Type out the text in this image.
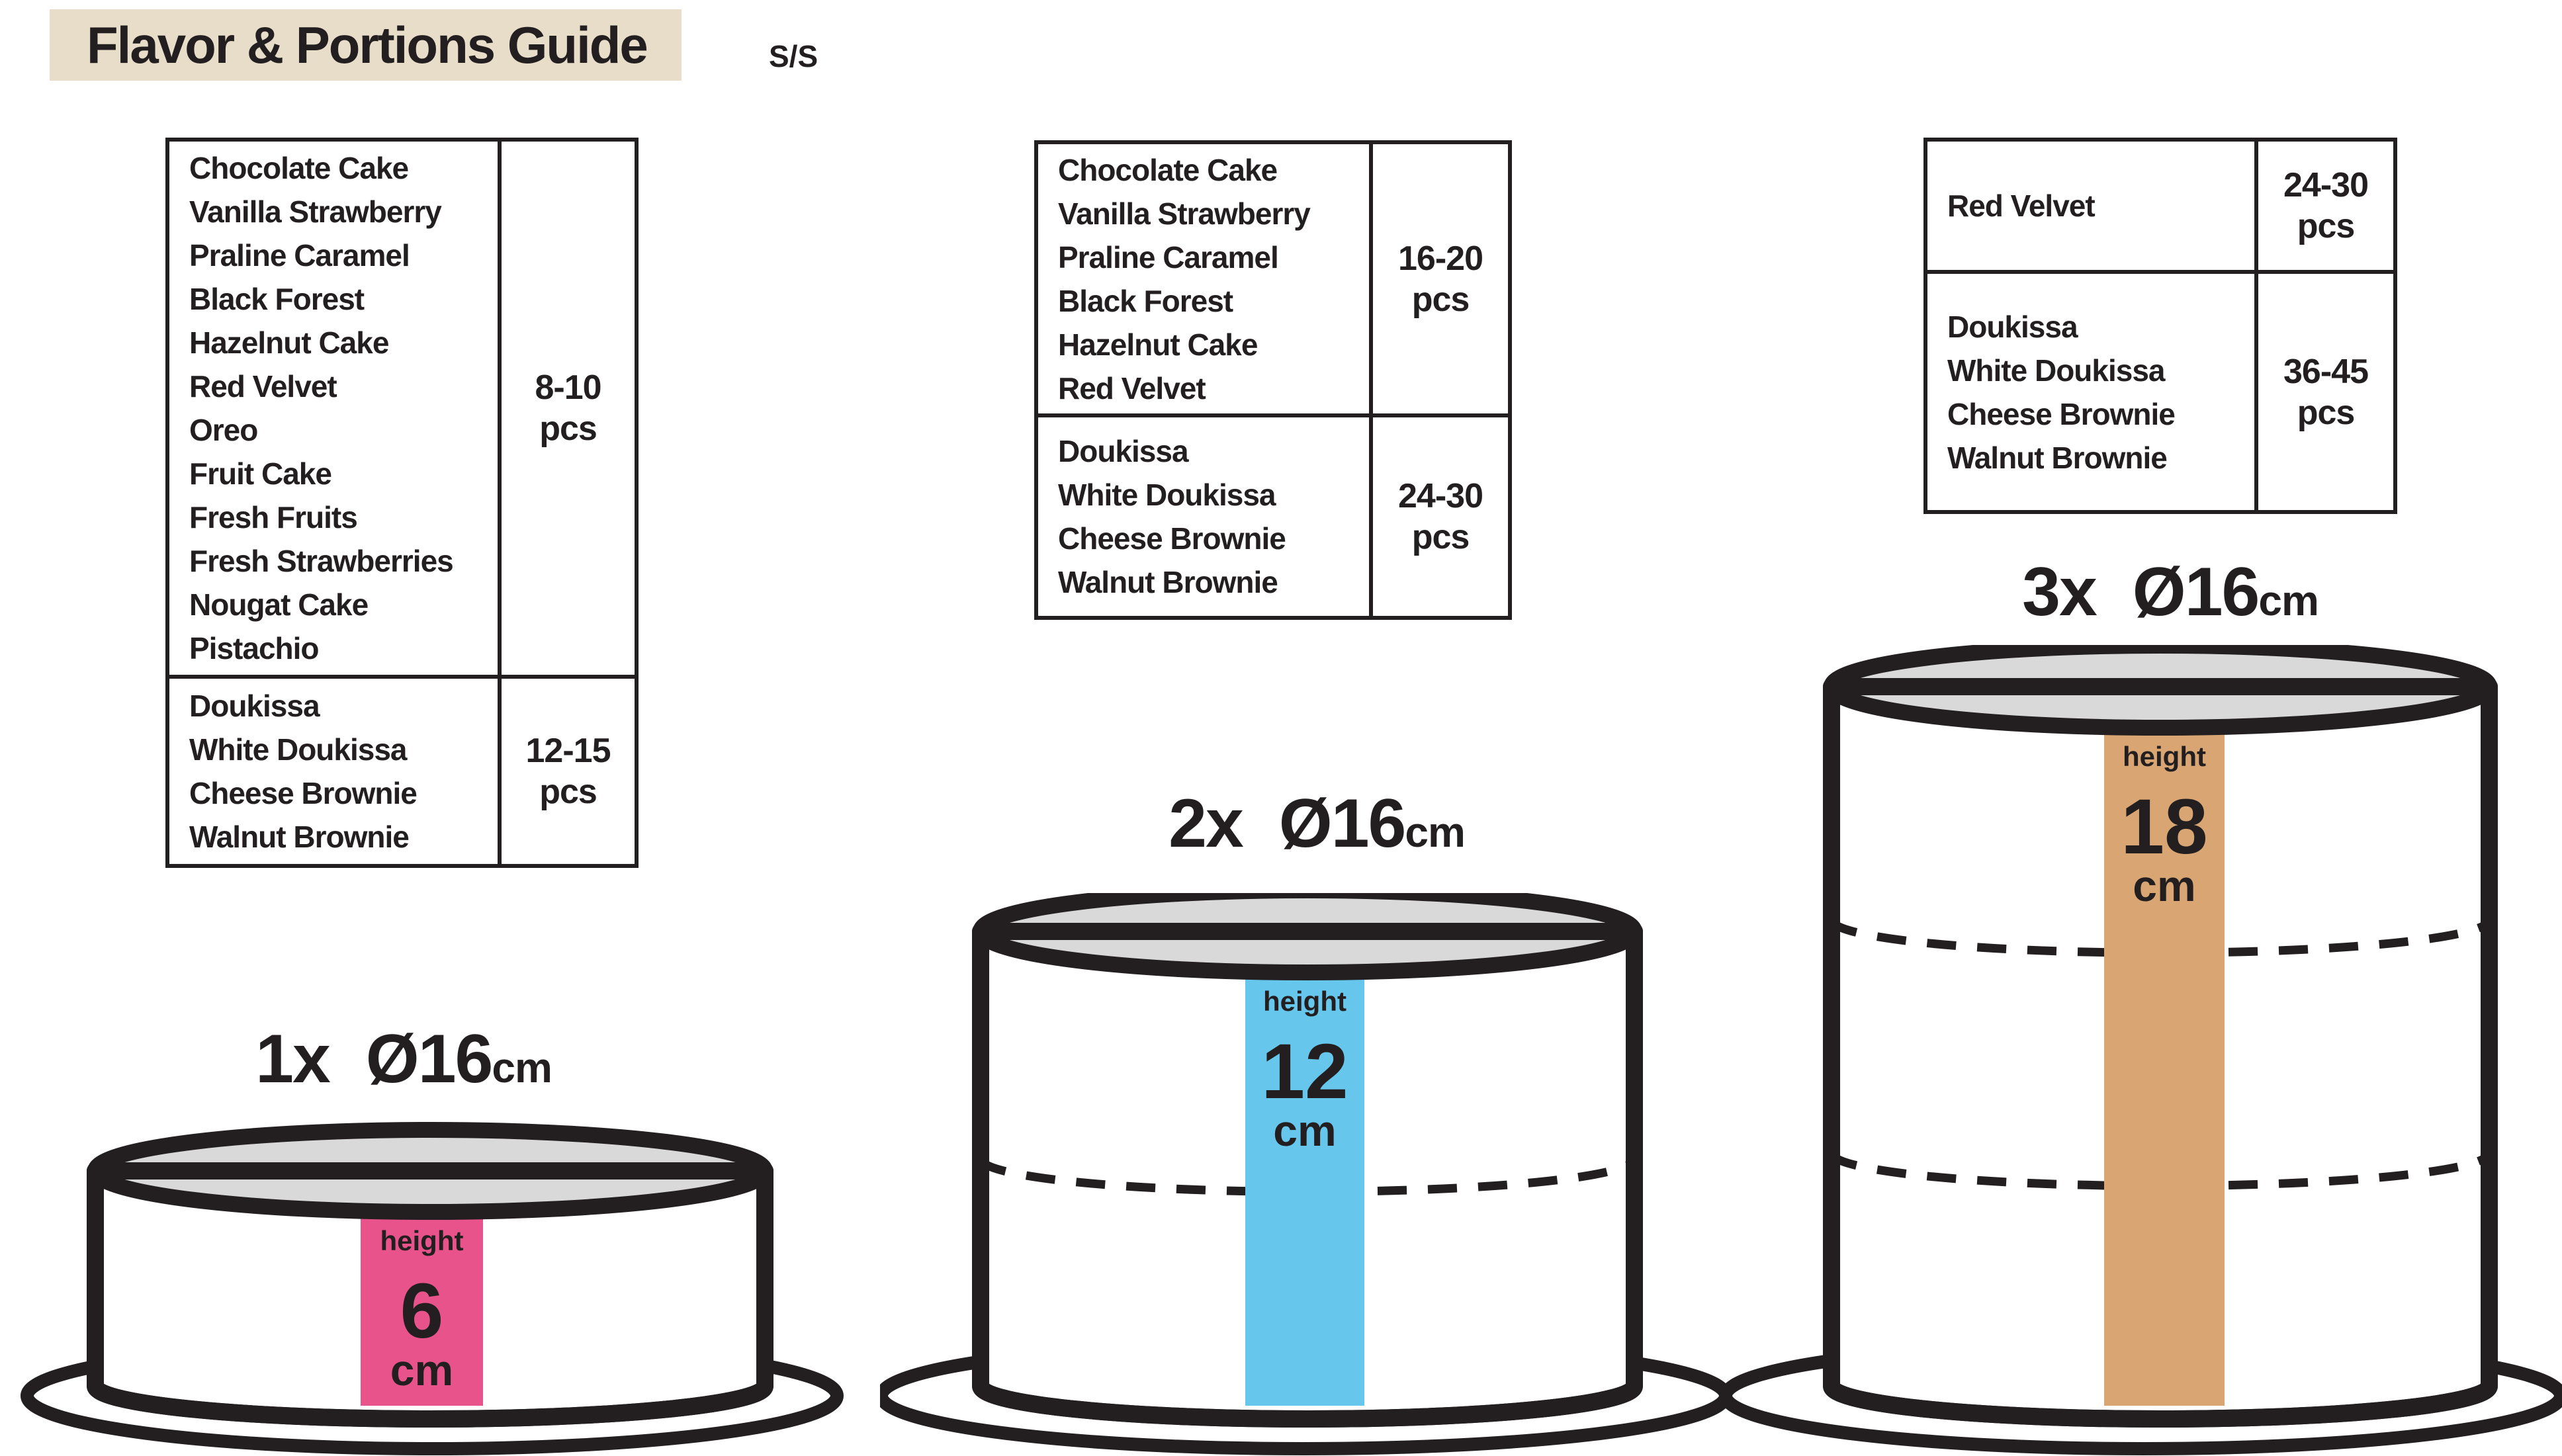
Flavor & Portions Guide	S/S
Chocolate Cake
Vanilla Strawberry
Praline Caramel
Black Forest
Hazelnut Cake
Red Velvet
Oreo
Fruit Cake
Fresh Fruits
Fresh Strawberries
Nougat Cake
Pistachio
8-10
pcs
Doukissa
White Doukissa
Cheese Brownie
Walnut Brownie
12-15
pcs
Chocolate Cake
Vanilla Strawberry
Praline Caramel
Black Forest
Hazelnut Cake
Red Velvet
16-20
pcs
Doukissa
White Doukissa
Cheese Brownie
Walnut Brownie
24-30
pcs
Red Velvet
24-30
pcs
Doukissa
White Doukissa
Cheese Brownie
Walnut Brownie
36-45
pcs
height
6
cm
1x Ø16cm
height
12
cm
2x Ø16cm
height
18
cm
3x Ø16cm
